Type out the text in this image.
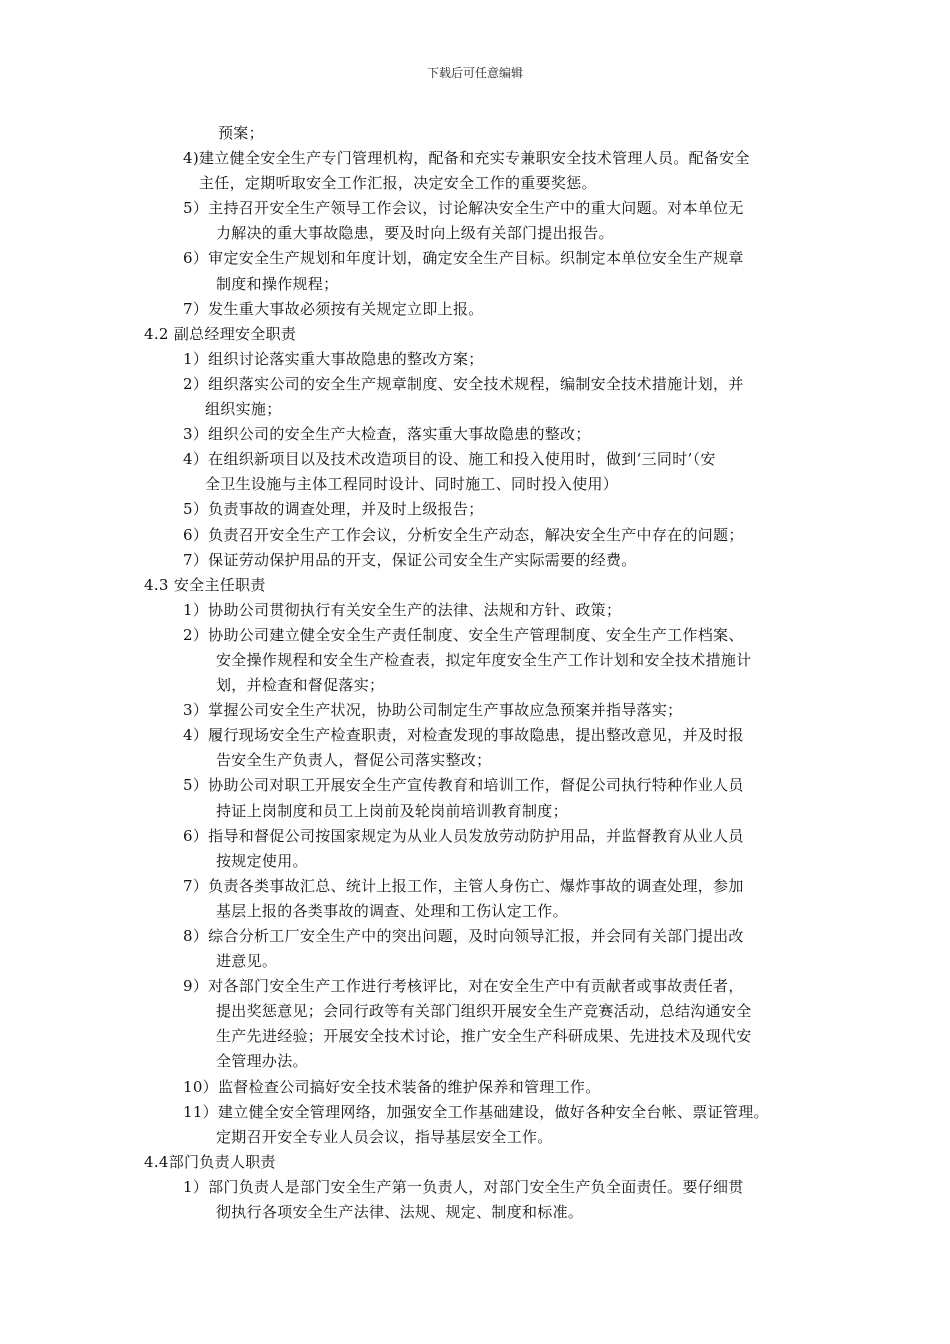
下载后可任意编辑
预案；
4)建立健全安全生产专门管理机构，配备和充实专兼职安全技术管理人员。配备安全
主任，定期听取安全工作汇报，决定安全工作的重要奖惩。
5）主持召开安全生产领导工作会议，讨论解决安全生产中的重大问题。对本单位无
力解决的重大事故隐患，要及时向上级有关部门提出报告。
6）审定安全生产规划和年度计划，确定安全生产目标。织制定本单位安全生产规章
制度和操作规程；
7）发生重大事故必须按有关规定立即上报。
4.2 副总经理安全职责
1）组织讨论落实重大事故隐患的整改方案；
2）组织落实公司的安全生产规章制度、安全技术规程，编制安全技术措施计划，并
组织实施；
3）组织公司的安全生产大检查，落实重大事故隐患的整改；
4）在组织新项目以及技术改造项目的设、施工和投入使用时，做到‘三同时’（安
全卫生设施与主体工程同时设计、同时施工、同时投入使用）
5）负责事故的调查处理，并及时上级报告；
6）负责召开安全生产工作会议，分析安全生产动态，解决安全生产中存在的问题；
7）保证劳动保护用品的开支，保证公司安全生产实际需要的经费。
4.3 安全主任职责
1）协助公司贯彻执行有关安全生产的法律、法规和方针、政策；
2）协助公司建立健全安全生产责任制度、安全生产管理制度、安全生产工作档案、
安全操作规程和安全生产检查表，拟定年度安全生产工作计划和安全技术措施计
划，并检查和督促落实；
3）掌握公司安全生产状况，协助公司制定生产事故应急预案并指导落实；
4）履行现场安全生产检查职责，对检查发现的事故隐患，提出整改意见，并及时报
告安全生产负责人，督促公司落实整改；
5）协助公司对职工开展安全生产宣传教育和培训工作，督促公司执行特种作业人员
持证上岗制度和员工上岗前及轮岗前培训教育制度；
6）指导和督促公司按国家规定为从业人员发放劳动防护用品，并监督教育从业人员
按规定使用。
7）负责各类事故汇总、统计上报工作，主管人身伤亡、爆炸事故的调查处理，参加
基层上报的各类事故的调查、处理和工伤认定工作。
8）综合分析工厂安全生产中的突出问题，及时向领导汇报，并会同有关部门提出改
进意见。
9）对各部门安全生产工作进行考核评比，对在安全生产中有贡献者或事故责任者，
提出奖惩意见；会同行政等有关部门组织开展安全生产竞赛活动，总结沟通安全
生产先进经验；开展安全技术讨论，推广安全生产科研成果、先进技术及现代安
全管理办法。
10）监督检查公司搞好安全技术装备的维护保养和管理工作。
11）建立健全安全管理网络，加强安全工作基础建设，做好各种安全台帐、票证管理。
定期召开安全专业人员会议，指导基层安全工作。
4.4部门负责人职责
1）部门负责人是部门安全生产第一负责人，对部门安全生产负全面责任。要仔细贯
彻执行各项安全生产法律、法规、规定、制度和标准。
